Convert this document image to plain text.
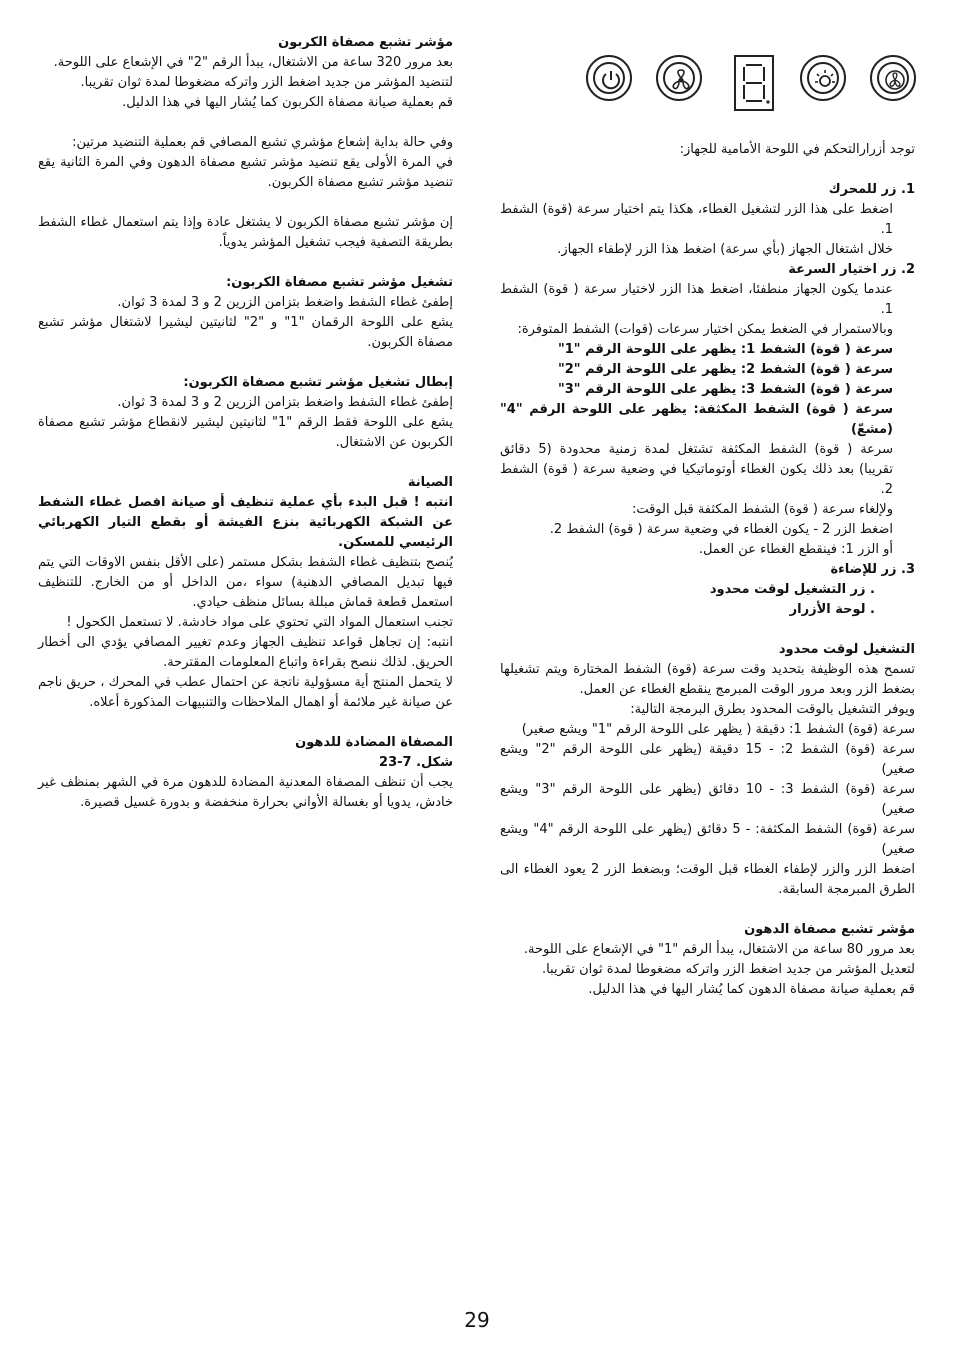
توجد أزرارالتحكم في اللوحة الأمامية للجهاز:

1. زر للمحرك

اضغط على هذا الزر لتشغيل الغطاء، هكذا يتم اختيار سرعة (قوة) الشفط 1.

خلال اشتغال الجهاز (بأي سرعة) اضغط هذا الزر لإطفاء الجهاز.

2. زر اختيار السرعة

عندما يكون الجهاز منطفئا، اضغط هذا الزر لاختيار سرعة ( قوة) الشفط 1.

وبالاستمرار في الضغط يمكن اختيار سرعات (قوات) الشفط المتوفرة:

سرعة ( قوة) الشفط 1: يظهر على اللوحة الرقم "1"

سرعة ( قوة) الشفط 2: يظهر على اللوحة الرقم "2"

سرعة ( قوة) الشفط 3: يظهر على اللوحة الرقم "3"

سرعة ( قوة) الشفط المكثفة: يظهر على اللوحة الرقم "4" (مشعّ)

سرعة ( قوة) الشفط المكثفة تشتغل لمدة زمنية محدودة (5 دقائق تقريبا) بعد ذلك يكون الغطاء أوتوماتيكيا في وضعية سرعة ( قوة) الشفط 2.

ولإلغاء سرعة ( قوة) الشفط المكثفة قبل الوقت:

اضغط الزر 2 - يكون الغطاء في وضعية سرعة ( قوة) الشفط 2.

أو الزر 1: فينقطع الغطاء عن العمل.

3. زر للإضاءة

. زر التشغيل لوقت محدود

. لوحة الأزرار

التشغيل لوقت محدود

تسمح هذه الوظيفة بتحديد وقت سرعة (قوة) الشفط المختارة ويتم تشغيلها بضغط الزر وبعد مرور الوقت المبرمج ينقطع الغطاء عن العمل.

ويوفر التشغيل بالوقت المحدود بطرق البرمجة التالية:

سرعة (قوة) الشفط 1: دقيقة ( يظهر على اللوحة الرقم "1" ويشع صغير)

سرعة (قوة) الشفط 2: - 15 دقيقة (يظهر على اللوحة الرقم "2" ويشع صغير)

سرعة (قوة) الشفط 3: - 10 دقائق (يظهر على اللوحة الرقم "3" ويشع صغير)

سرعة (قوة) الشفط المكثفة: - 5 دقائق (يظهر على اللوحة الرقم "4" ويشع صغير)

اضغط الزر والزر لإطفاء الغطاء قبل الوقت؛ وبضغط الزر 2 يعود الغطاء الى الطرق المبرمجة السابقة.

مؤشر تشبع مصفاة الدهون

بعد مرور 80 ساعة من الاشتغال، يبدأ الرقم "1" في الإشعاع على اللوحة.

لتعديل المؤشر من جديد اضغط الزر واتركه مضغوطا لمدة ثوان تقريبا.

قم بعملية صيانة مصفاة الدهون كما يُشار اليها في هذا الدليل.

مؤشر تشبع مصفاة الكربون

بعد مرور 320 ساعة من الاشتغال، يبدأ الرقم "2" في الإشعاع على اللوحة.

لتنضيد المؤشر من جديد اضغط الزر واتركه مضغوطا لمدة ثوان تقريبا.

قم بعملية صيانة مصفاة الكربون كما يُشار اليها في هذا الدليل.

وفي حالة بداية إشعاع مؤشري تشبع المصافي قم بعملية التنضيد مرتين:

في المرة الأولى يقع تنضيد مؤشر تشبع مصفاة الدهون وفي المرة الثانية يقع تنضيد مؤشر تشبع مصفاة الكربون.

إن مؤشر تشبع مصفاة الكربون لا يشتغل عادة وإذا يتم استعمال غطاء الشفط بطريقة التصفية فيجب تشغيل المؤشر يدوياً.

تشغيل مؤشر تشبع مصفاة الكربون:

إطفئ غطاء الشفط واضغط بتزامن الزرين 2 و 3 لمدة 3 ثوان.

يشع على اللوحة الرقمان "1" و "2" لثانيتين ليشيرا لاشتغال مؤشر تشبع مصفاة الكربون.

إبطال تشغيل مؤشر تشبع مصفاة الكربون:

إطفئ غطاء الشفط واضغط بتزامن الزرين 2 و 3 لمدة 3 ثوان.

يشع على اللوحة فقط الرقم "1" لثانيتين ليشير لانقطاع مؤشر تشبع مصفاة الكربون عن الاشتغال.

الصيانة

انتبه ! قبل البدء بأي عملية تنظيف أو صيانة افصل غطاء الشفط عن الشبكة الكهربائية بنزع الفيشة أو بقطع التيار الكهربائي الرئيسي للمسكن.

يُنصح بتنظيف غطاء الشفط بشكل مستمر (على الأقل بنفس الاوقات التي يتم فيها تبديل المصافي الدهنية) سواء ،من الداخل أو من الخارج. للتنظيف استعمل قطعة قماش مبللة بسائل منظف حيادي.

تجنب استعمال المواد التي تحتوي على مواد خادشة. لا تستعمل الكحول !

انتبه: إن تجاهل قواعد تنظيف الجهاز وعدم تغيير المصافي يؤدي الى أخطار الحريق. لذلك ننصح بقراءة واتباع المعلومات المقترحة.

لا يتحمل المنتج أية مسؤولية ناتجة عن احتمال عطب في المحرك ، حريق ناجم عن صيانة غير ملائمة أو اهمال الملاحظات والتنبيهات المذكورة أعلاه.

المصفاة المضادة للدهون

شكل. 7-23

يجب أن تنظف المصفاة المعدنية المضادة للدهون مرة في الشهر بمنظف غير خادش، يدويا أو بغسالة الأواني بحرارة منخفضة و بدورة غسيل قصيرة.

29
